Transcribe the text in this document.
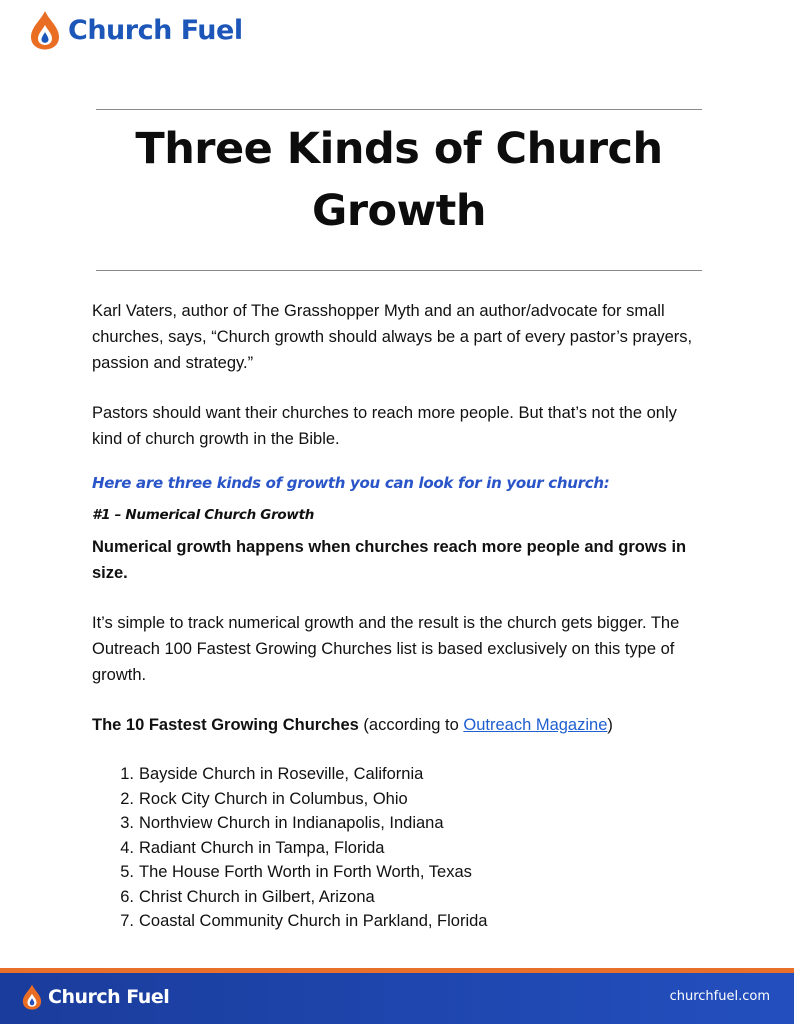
Church Fuel
Three Kinds of Church
Growth

Karl Vaters, author of The Grasshopper Myth and an author/advocate for small churches, says, “Church growth should always be a part of every pastor’s prayers, passion and strategy.”

Pastors should want their churches to reach more people. But that’s not the only kind of church growth in the Bible.

Here are three kinds of growth you can look for in your church:

#1 – Numerical Church Growth

Numerical growth happens when churches reach more people and grows in size.

It’s simple to track numerical growth and the result is the church gets bigger. The Outreach 100 Fastest Growing Churches list is based exclusively on this type of growth.

The 10 Fastest Growing Churches (according to Outreach Magazine)

1. Bayside Church in Roseville, California
2. Rock City Church in Columbus, Ohio
3. Northview Church in Indianapolis, Indiana
4. Radiant Church in Tampa, Florida
5. The House Forth Worth in Forth Worth, Texas
6. Christ Church in Gilbert, Arizona
7. Coastal Community Church in Parkland, Florida
Church Fuel	churchfuel.com
